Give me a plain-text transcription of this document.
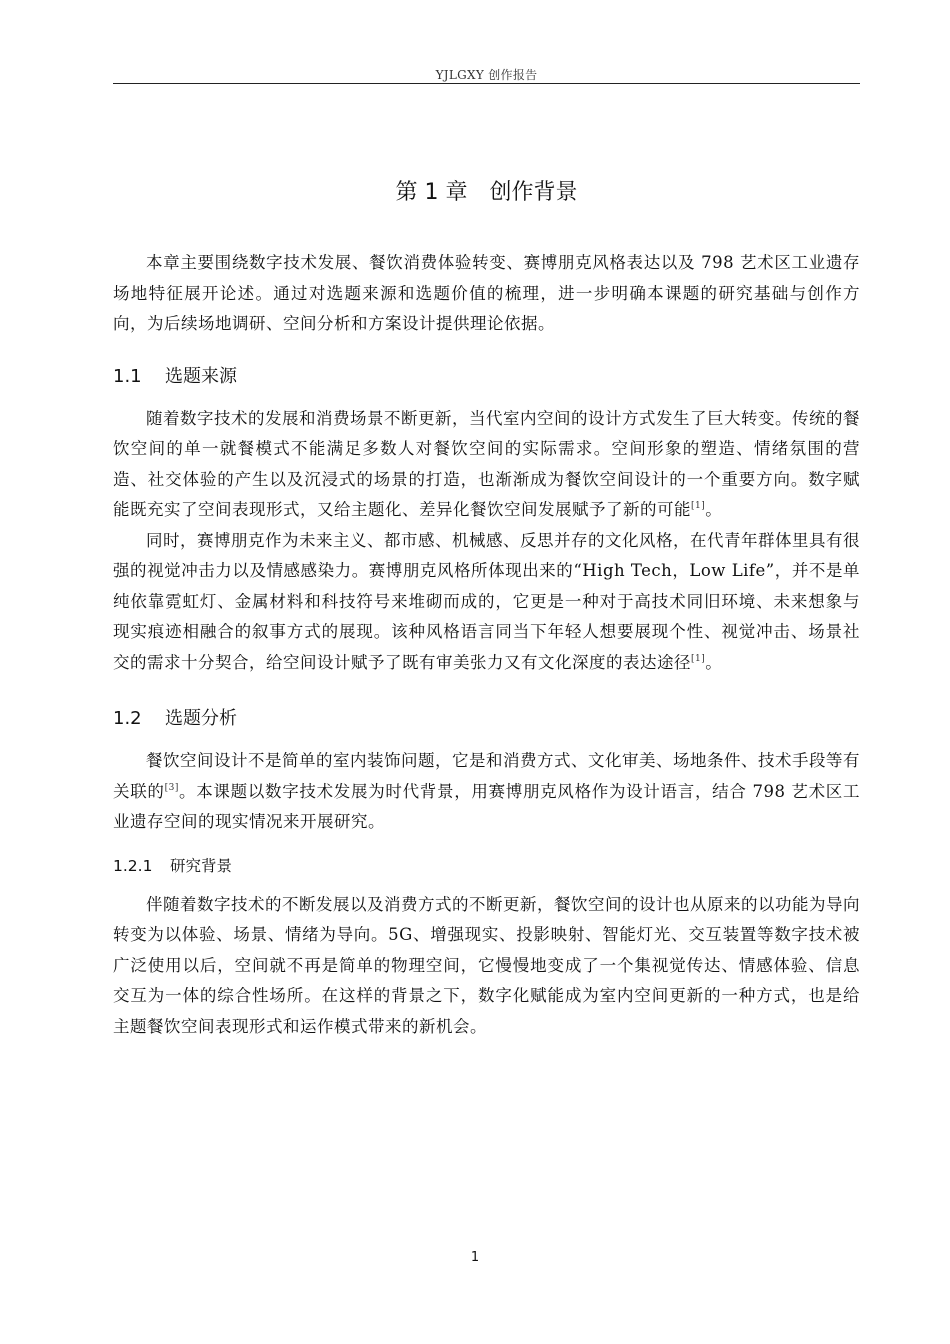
YJLGXY 创作报告
第 1 章 创作背景

本章主要围绕数字技术发展、餐饮消费体验转变、赛博朋克风格表达以及 798 艺术区工业遗存场地特征展开论述。通过对选题来源和选题价值的梳理，进一步明确本课题的研究基础与创作方向，为后续场地调研、空间分析和方案设计提供理论依据。

1.1 选题来源

随着数字技术的发展和消费场景不断更新，当代室内空间的设计方式发生了巨大转变。传统的餐饮空间的单一就餐模式不能满足多数人对餐饮空间的实际需求。空间形象的塑造、情绪氛围的营造、社交体验的产生以及沉浸式的场景的打造，也渐渐成为餐饮空间设计的一个重要方向。数字赋能既充实了空间表现形式，又给主题化、差异化餐饮空间发展赋予了新的可能[1]。

同时，赛博朋克作为未来主义、都市感、机械感、反思并存的文化风格，在代青年群体里具有很强的视觉冲击力以及情感感染力。赛博朋克风格所体现出来的“High Tech，Low Life”，并不是单纯依靠霓虹灯、金属材料和科技符号来堆砌而成的，它更是一种对于高技术同旧环境、未来想象与现实痕迹相融合的叙事方式的展现。该种风格语言同当下年轻人想要展现个性、视觉冲击、场景社交的需求十分契合，给空间设计赋予了既有审美张力又有文化深度的表达途径[1]。

1.2 选题分析

餐饮空间设计不是简单的室内装饰问题，它是和消费方式、文化审美、场地条件、技术手段等有关联的[3]。本课题以数字技术发展为时代背景，用赛博朋克风格作为设计语言，结合 798 艺术区工业遗存空间的现实情况来开展研究。

1.2.1 研究背景

伴随着数字技术的不断发展以及消费方式的不断更新，餐饮空间的设计也从原来的以功能为导向转变为以体验、场景、情绪为导向。5G、增强现实、投影映射、智能灯光、交互装置等数字技术被广泛使用以后，空间就不再是简单的物理空间，它慢慢地变成了一个集视觉传达、情感体验、信息交互为一体的综合性场所。在这样的背景之下，数字化赋能成为室内空间更新的一种方式，也是给主题餐饮空间表现形式和运作模式带来的新机会。

1
